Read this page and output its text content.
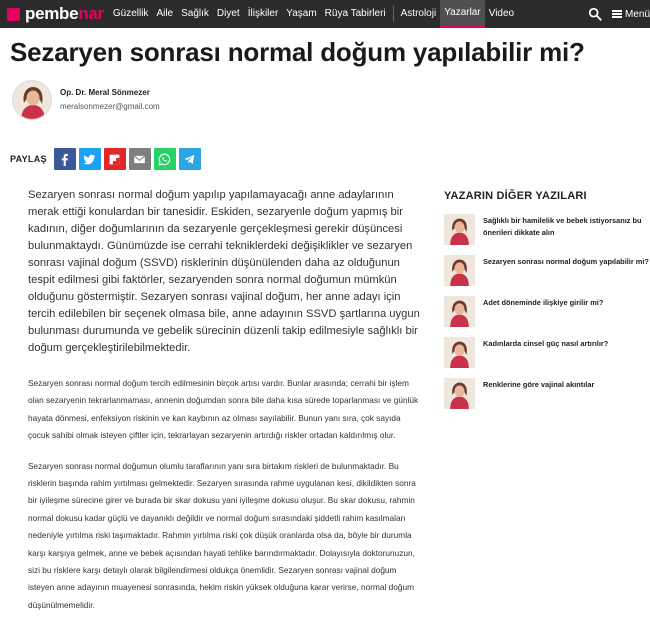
pembenar Güzellik Aile Sağlık Diyet İlişkiler Yaşam Rüya Tabirleri	Astroloji Yazarlar Video	Menü
Sezaryen sonrası normal doğum yapılabilir mi?
Op. Dr. Meral Sönmezer
meralsonmezer@gmail.com
PAYLAŞ

Sezaryen sonrası normal doğum yapılıp yapılamayacağı anne adaylarının merak ettiği konulardan bir tanesidir. Eskiden, sezaryenle doğum yapmış bir kadının, diğer doğumlarının da sezaryenle gerçekleşmesi gerekir düşüncesi bulunmaktaydı. Günümüzde ise cerrahi tekniklerdeki değişiklikler ve sezaryen sonrası vajinal doğum (SSVD) risklerinin düşünülenden daha az olduğunun tespit edilmesi gibi faktörler, sezaryenden sonra normal doğumun mümkün olduğunu göstermiştir. Sezaryen sonrası vajinal doğum, her anne adayı için tercih edilebilen bir seçenek olmasa bile, anne adayının SSVD şartlarına uygun bulunması durumunda ve gebelik sürecinin düzenli takip edilmesiyle sağlıklı bir doğum gerçekleştirilebilmektedir.

Sezaryen sonrası normal doğum tercih edilmesinin birçok artısı vardır. Bunlar arasında; cerrahi bir işlem olan sezaryenin tekrarlanmaması, annenin doğumdan sonra bile daha kısa sürede toparlanması ve günlük hayata dönmesi, enfeksiyon riskinin ve kan kaybının az olması sayılabilir. Bunun yanı sıra, çok sayıda çocuk sahibi olmak isteyen çiftler için, tekrarlayan sezaryenin artırdığı riskler ortadan kaldırılmış olur.

Sezaryen sonrası normal doğumun olumlu taraflarının yanı sıra birtakım riskleri de bulunmaktadır. Bu risklerin başında rahim yırtılması gelmektedir. Sezaryen sırasında rahme uygulanan kesi, dikildikten sonra bir iyileşme sürecine girer ve burada bir skar dokusu yani iyileşme dokusu oluşur. Bu skar dokusu, rahmin normal dokusu kadar güçlü ve dayanıklı değildir ve normal doğum sırasındaki şiddetli rahim kasılmaları nedeniyle yırtılma riski taşımaktadır. Rahmin yırtılma riski çok düşük oranlarda olsa da, böyle bir durumla karşı karşıya gelmek, anne ve bebek açısından hayati tehlike barındırmaktadır. Dolayısıyla doktorunuzun, sizi bu risklere karşı detaylı olarak bilgilendirmesi oldukça önemlidir. Sezaryen sonrası vajinal doğum isteyen anne adayının muayenesi sonrasında, hekim riskin yüksek olduğuna karar verirse, normal doğum düşünülmemelidir.

YAZARIN DİĞER YAZILARI
Sağlıklı bir hamilelik ve bebek istiyorsanız bu önerileri dikkate alın
Sezaryen sonrası normal doğum yapılabilir mi?
Adet döneminde ilişkiye girilir mi?
Kadınlarda cinsel güç nasıl artırılır?
Renklerine göre vajinal akıntılar
